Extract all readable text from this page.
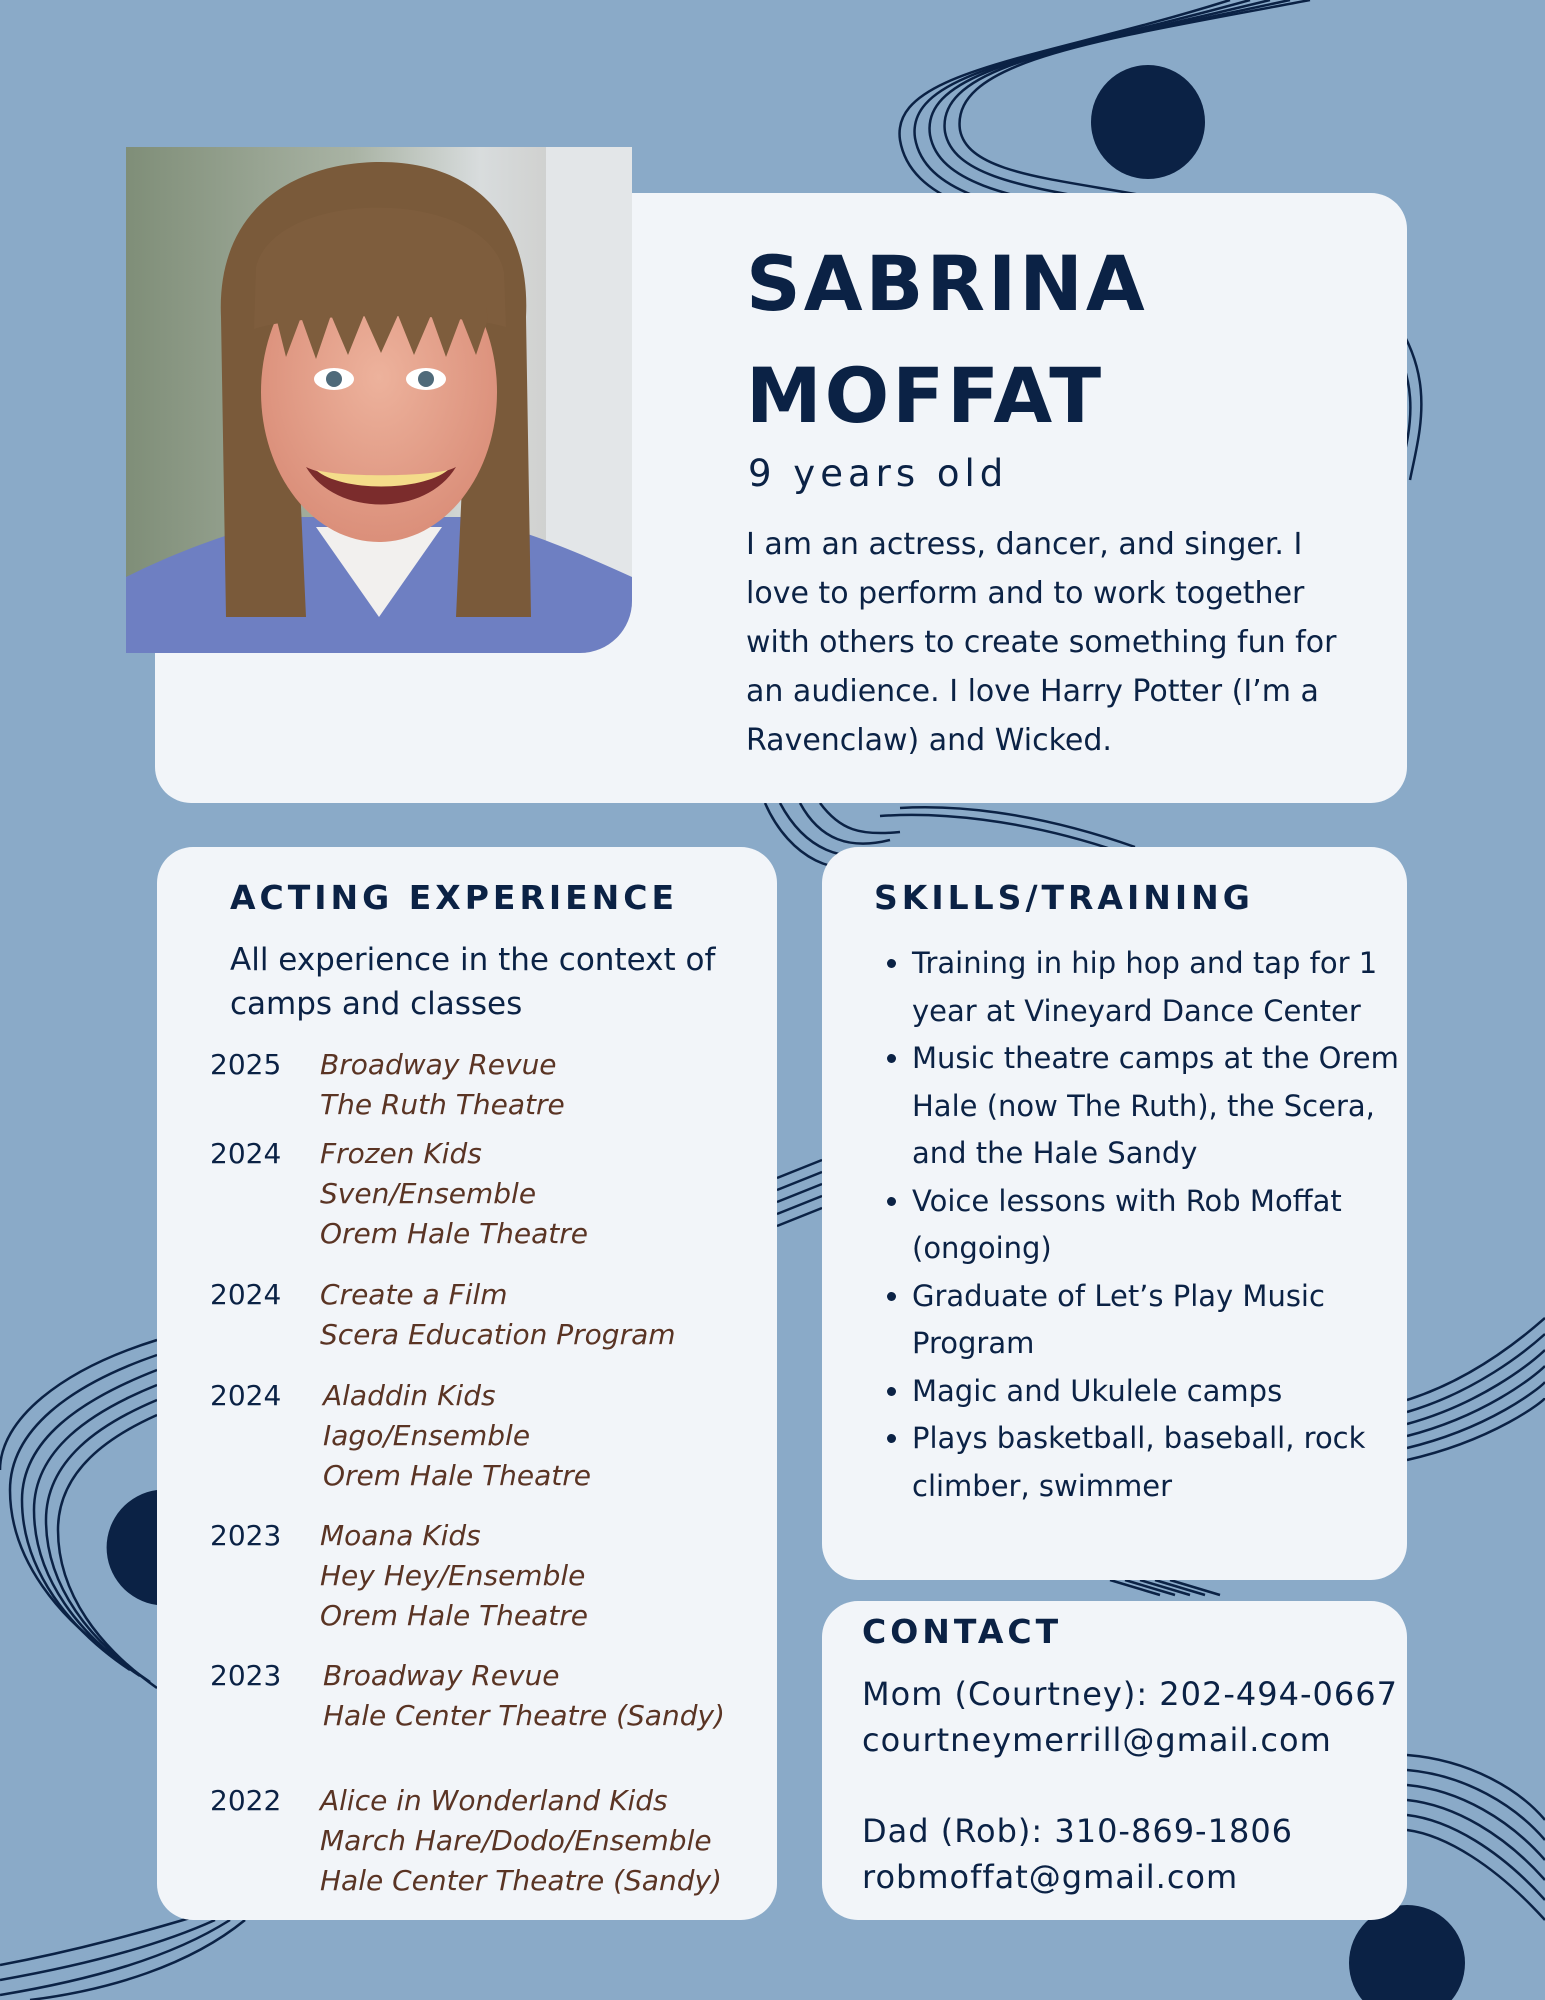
SABRINA
MOFFAT
9 years old
I am an actress, dancer, and singer. I love to perform and to work together with others to create something fun for an audience. I love Harry Potter (I’m a Ravenclaw) and Wicked.
ACTING EXPERIENCE
All experience in the context of camps and classes
2025 Broadway Revue
The Ruth Theatre
2024 Frozen Kids
Sven/Ensemble
Orem Hale Theatre
2024 Create a Film
Scera Education Program
2024 Aladdin Kids
Iago/Ensemble
Orem Hale Theatre
2023 Moana Kids
Hey Hey/Ensemble
Orem Hale Theatre
2023 Broadway Revue
Hale Center Theatre (Sandy)
2022 Alice in Wonderland Kids
March Hare/Dodo/Ensemble
Hale Center Theatre (Sandy)
SKILLS/TRAINING
• Training in hip hop and tap for 1 year at Vineyard Dance Center
• Music theatre camps at the Orem Hale (now The Ruth), the Scera, and the Hale Sandy
• Voice lessons with Rob Moffat (ongoing)
• Graduate of Let’s Play Music Program
• Magic and Ukulele camps
• Plays basketball, baseball, rock climber, swimmer
CONTACT
Mom (Courtney): 202-494-0667
courtneymerrill@gmail.com
Dad (Rob): 310-869-1806
robmoffat@gmail.com
